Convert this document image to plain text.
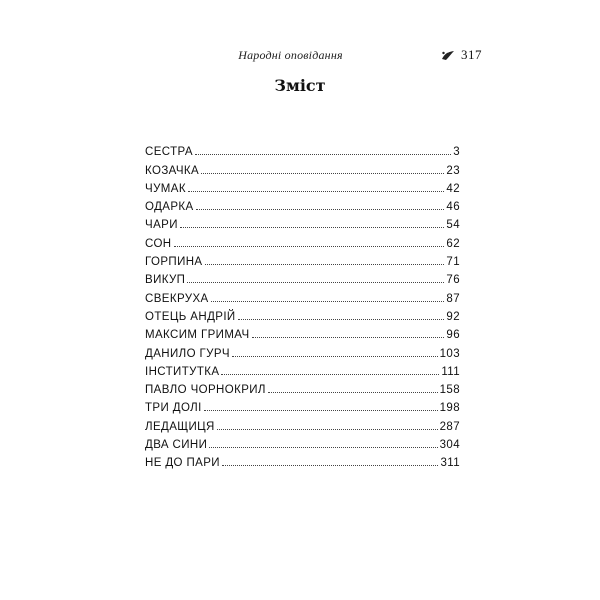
Народні оповідання	317
Зміст
СЕСТРА	3
КОЗАЧКА	23
ЧУМАК	42
ОДАРКА	46
ЧАРИ	54
СОН	62
ГОРПИНА	71
ВИКУП	76
СВЕКРУХА	87
ОТЕЦЬ АНДРІЙ	92
МАКСИМ ГРИМАЧ	96
ДАНИЛО ГУРЧ	103
ІНСТИТУТКА	111
ПАВЛО ЧОРНОКРИЛ	158
ТРИ ДОЛІ	198
ЛЕДАЩИЦЯ	287
ДВА СИНИ	304
НЕ ДО ПАРИ	311
